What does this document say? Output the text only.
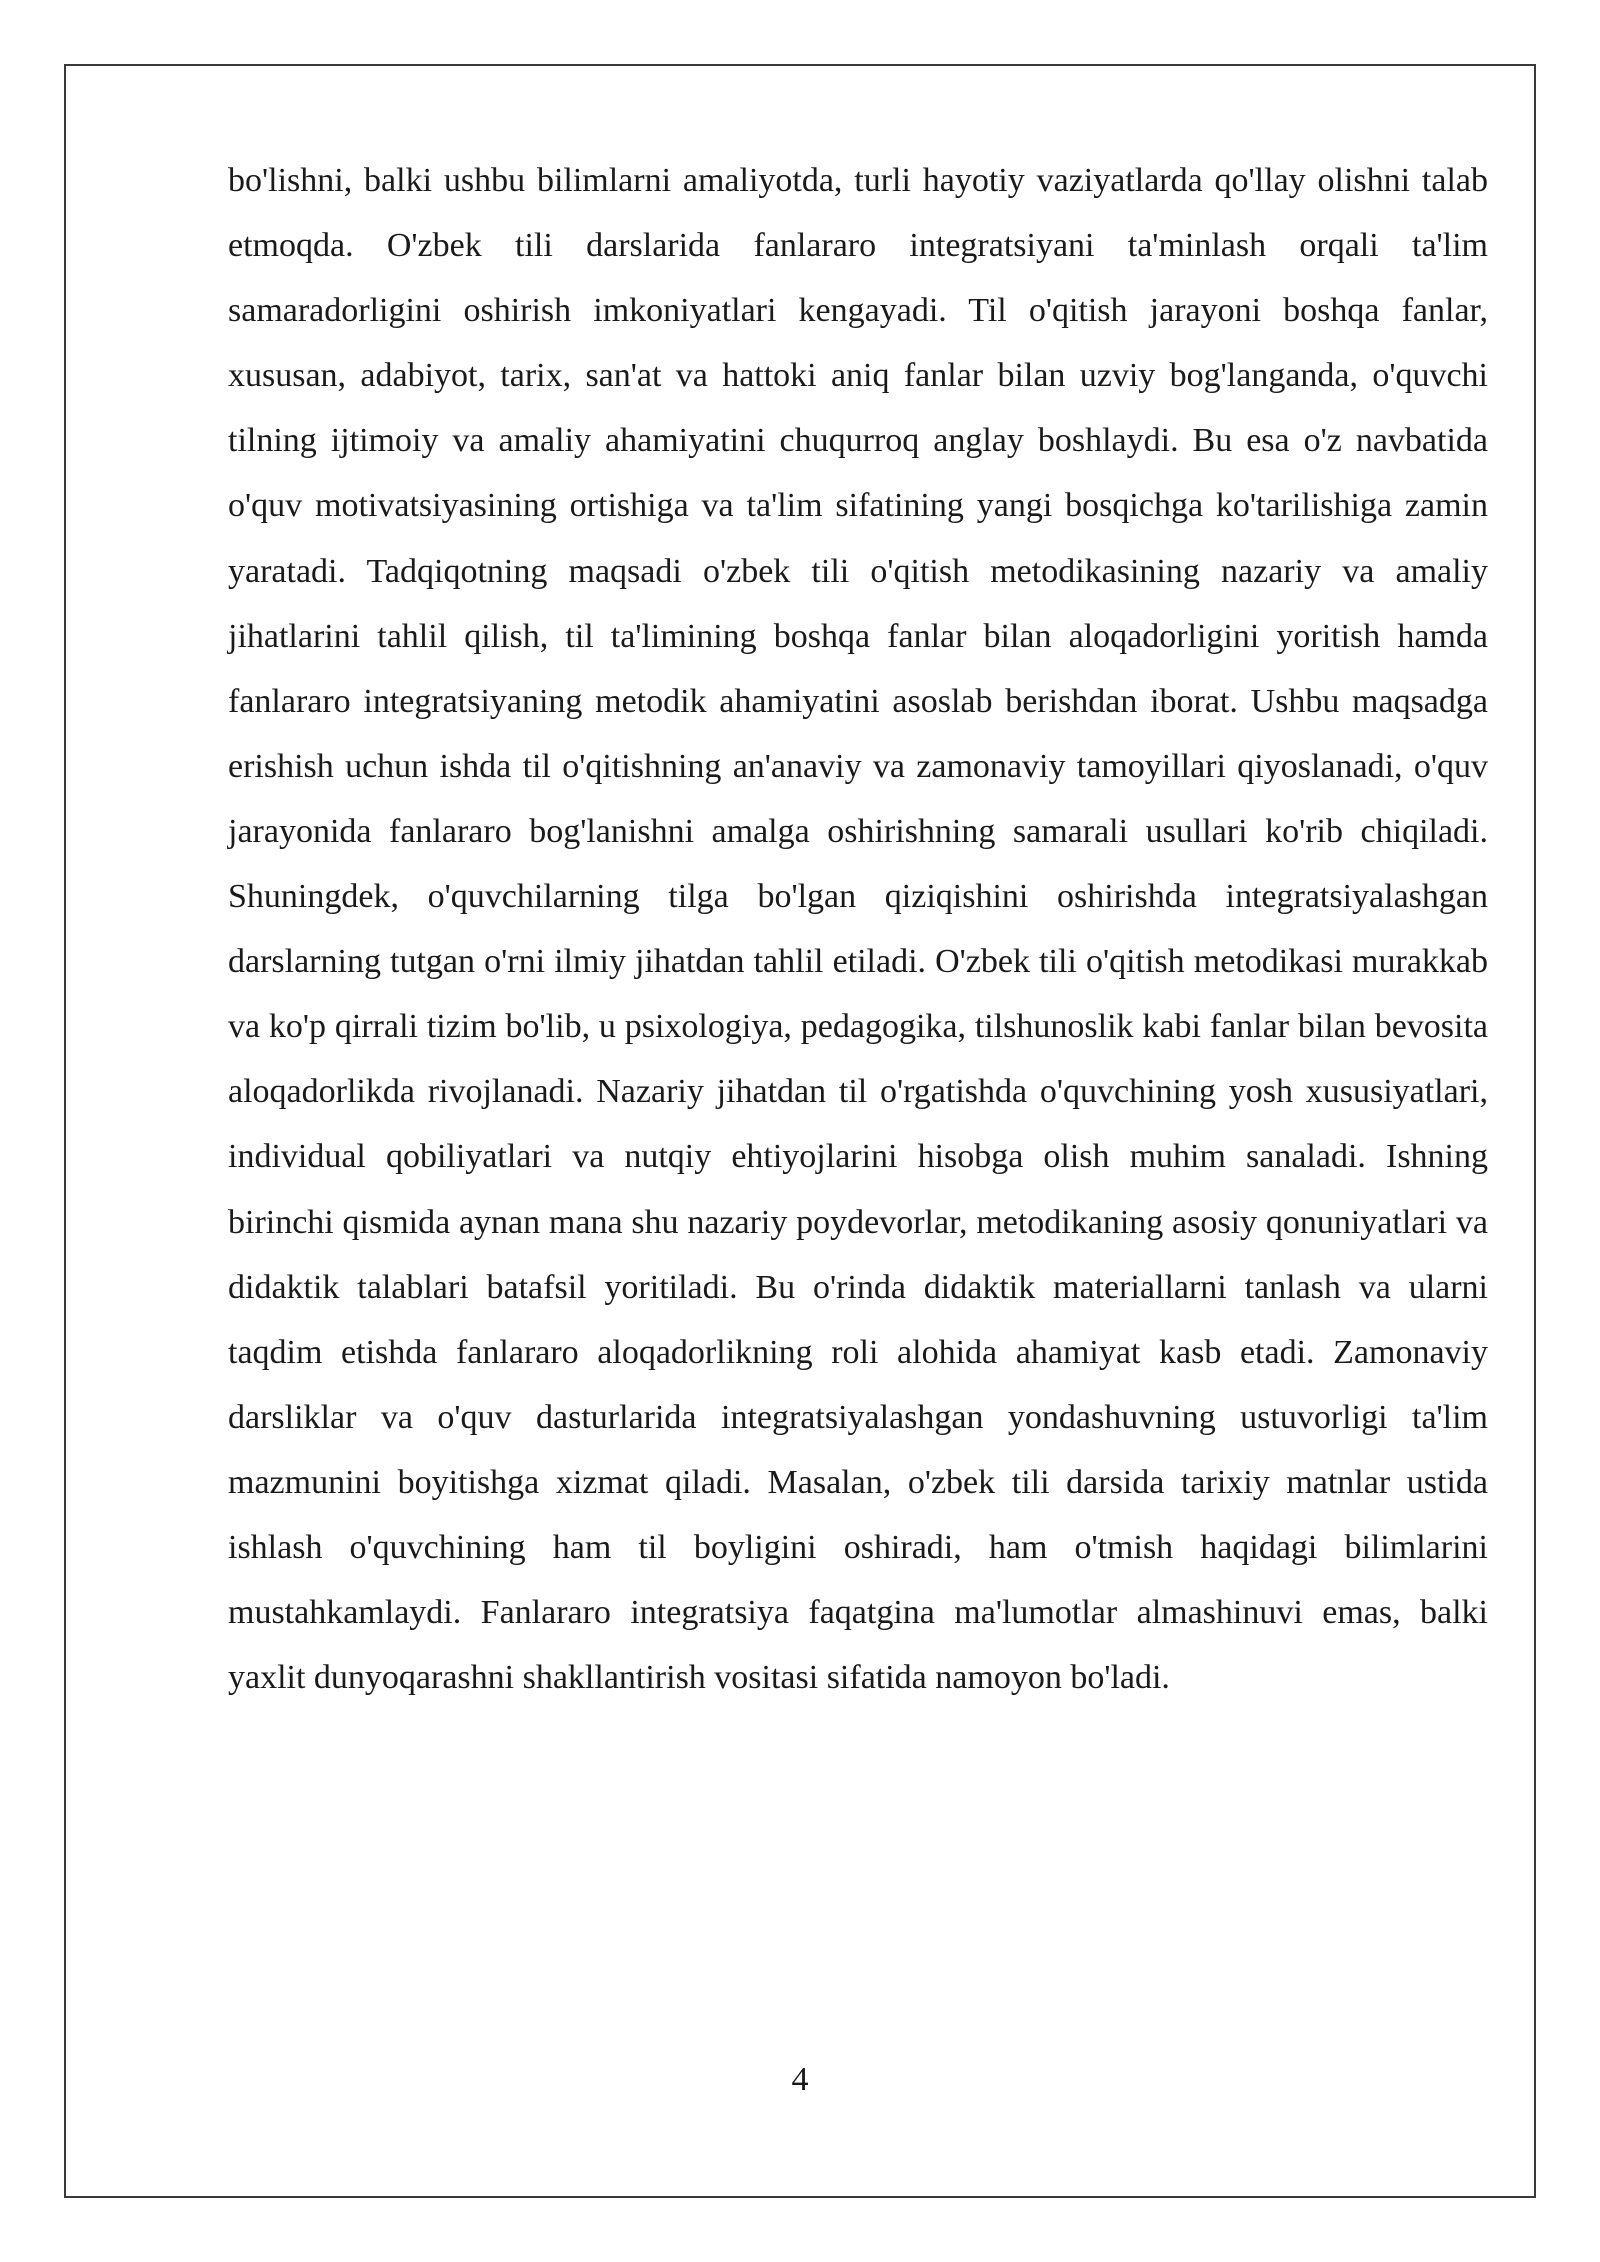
bo'lishni, balki ushbu bilimlarni amaliyotda, turli hayotiy vaziyatlarda qo'llay olishni talab etmoqda. O'zbek tili darslarida fanlararo integratsiyani ta'minlash orqali ta'lim samaradorligini oshirish imkoniyatlari kengayadi. Til o'qitish jarayoni boshqa fanlar, xususan, adabiyot, tarix, san'at va hattoki aniq fanlar bilan uzviy bog'langanda, o'quvchi tilning ijtimoiy va amaliy ahamiyatini chuqurroq anglay boshlaydi. Bu esa o'z navbatida o'quv motivatsiyasining ortishiga va ta'lim sifatining yangi bosqichga ko'tarilishiga zamin yaratadi. Tadqiqotning maqsadi o'zbek tili o'qitish metodikasining nazariy va amaliy jihatlarini tahlil qilish, til ta'limining boshqa fanlar bilan aloqadorligini yoritish hamda fanlararo integratsiyaning metodik ahamiyatini asoslab berishdan iborat. Ushbu maqsadga erishish uchun ishda til o'qitishning an'anaviy va zamonaviy tamoyillari qiyoslanadi, o'quv jarayonida fanlararo bog'lanishni amalga oshirishning samarali usullari ko'rib chiqiladi. Shuningdek, o'quvchilarning tilga bo'lgan qiziqishini oshirishda integratsiyalashgan darslarning tutgan o'rni ilmiy jihatdan tahlil etiladi. O'zbek tili o'qitish metodikasi murakkab va ko'p qirrali tizim bo'lib, u psixologiya, pedagogika, tilshunoslik kabi fanlar bilan bevosita aloqadorlikda rivojlanadi. Nazariy jihatdan til o'rgatishda o'quvchining yosh xususiyatlari, individual qobiliyatlari va nutqiy ehtiyojlarini hisobga olish muhim sanaladi. Ishning birinchi qismida aynan mana shu nazariy poydevorlar, metodikaning asosiy qonuniyatlari va didaktik talablari batafsil yoritiladi. Bu o'rinda didaktik materiallarni tanlash va ularni taqdim etishda fanlararo aloqadorlikning roli alohida ahamiyat kasb etadi. Zamonaviy darsliklar va o'quv dasturlarida integratsiyalashgan yondashuvning ustuvorligi ta'lim mazmunini boyitishga xizmat qiladi. Masalan, o'zbek tili darsida tarixiy matnlar ustida ishlash o'quvchining ham til boyligini oshiradi, ham o'tmish haqidagi bilimlarini mustahkamlaydi. Fanlararo integratsiya faqatgina ma'lumotlar almashinuvi emas, balki yaxlit dunyoqarashni shakllantirish vositasi sifatida namoyon bo'ladi.

4
